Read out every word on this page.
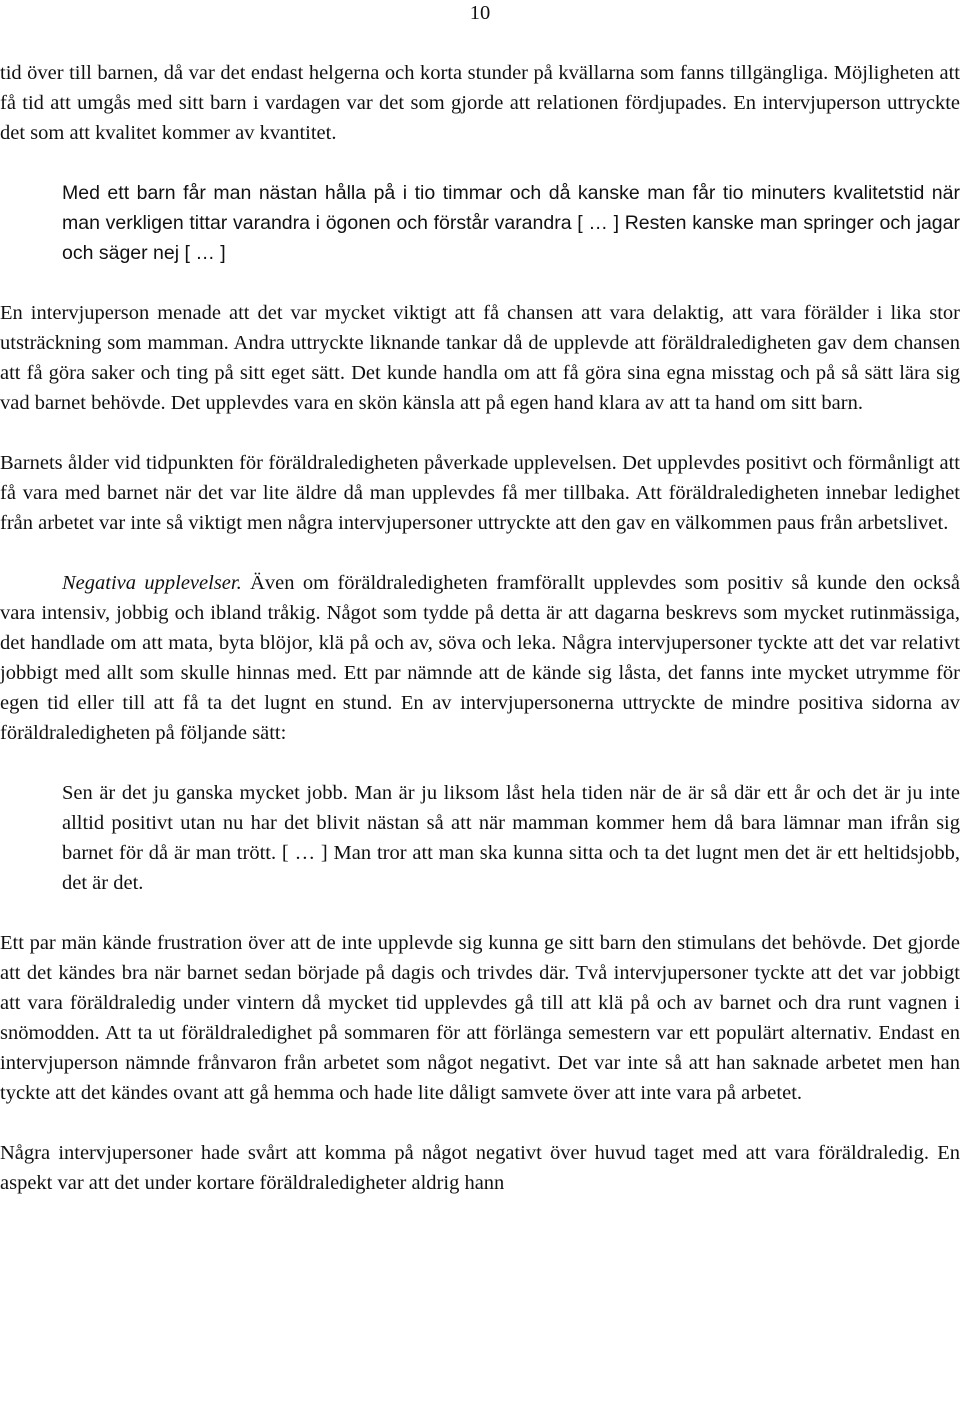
10

tid över till barnen, då var det endast helgerna och korta stunder på kvällarna som fanns tillgängliga. Möjligheten att få tid att umgås med sitt barn i vardagen var det som gjorde att relationen fördjupades. En intervjuperson uttryckte det som att kvalitet kommer av kvantitet.

Med ett barn får man nästan hålla på i tio timmar och då kanske man får tio minuters kvalitetstid när man verkligen tittar varandra i ögonen och förstår varandra [ … ] Resten kanske man springer och jagar och säger nej [ … ]

En intervjuperson menade att det var mycket viktigt att få chansen att vara delaktig, att vara förälder i lika stor utsträckning som mamman. Andra uttryckte liknande tankar då de upplevde att föräldraledigheten gav dem chansen att få göra saker och ting på sitt eget sätt. Det kunde handla om att få göra sina egna misstag och på så sätt lära sig vad barnet behövde. Det upplevdes vara en skön känsla att på egen hand klara av att ta hand om sitt barn.

Barnets ålder vid tidpunkten för föräldraledigheten påverkade upplevelsen. Det upplevdes positivt och förmånligt att få vara med barnet när det var lite äldre då man upplevdes få mer tillbaka. Att föräldraledigheten innebar ledighet från arbetet var inte så viktigt men några intervjupersoner uttryckte att den gav en välkommen paus från arbetslivet.

Negativa upplevelser. Även om föräldraledigheten framförallt upplevdes som positiv så kunde den också vara intensiv, jobbig och ibland tråkig. Något som tydde på detta är att dagarna beskrevs som mycket rutinmässiga, det handlade om att mata, byta blöjor, klä på och av, söva och leka. Några intervjupersoner tyckte att det var relativt jobbigt med allt som skulle hinnas med. Ett par nämnde att de kände sig låsta, det fanns inte mycket utrymme för egen tid eller till att få ta det lugnt en stund. En av intervjupersonerna uttryckte de mindre positiva sidorna av föräldraledigheten på följande sätt:

Sen är det ju ganska mycket jobb. Man är ju liksom låst hela tiden när de är så där ett år och det är ju inte alltid positivt utan nu har det blivit nästan så att när mamman kommer hem då bara lämnar man ifrån sig barnet för då är man trött. [ … ] Man tror att man ska kunna sitta och ta det lugnt men det är ett heltidsjobb, det är det.

Ett par män kände frustration över att de inte upplevde sig kunna ge sitt barn den stimulans det behövde. Det gjorde att det kändes bra när barnet sedan började på dagis och trivdes där. Två intervjupersoner tyckte att det var jobbigt att vara föräldraledig under vintern då mycket tid upplevdes gå till att klä på och av barnet och dra runt vagnen i snömodden. Att ta ut föräldraledighet på sommaren för att förlänga semestern var ett populärt alternativ. Endast en intervjuperson nämnde frånvaron från arbetet som något negativt. Det var inte så att han saknade arbetet men han tyckte att det kändes ovant att gå hemma och hade lite dåligt samvete över att inte vara på arbetet.

Några intervjupersoner hade svårt att komma på något negativt över huvud taget med att vara föräldraledig. En aspekt var att det under kortare föräldraledigheter aldrig hann
